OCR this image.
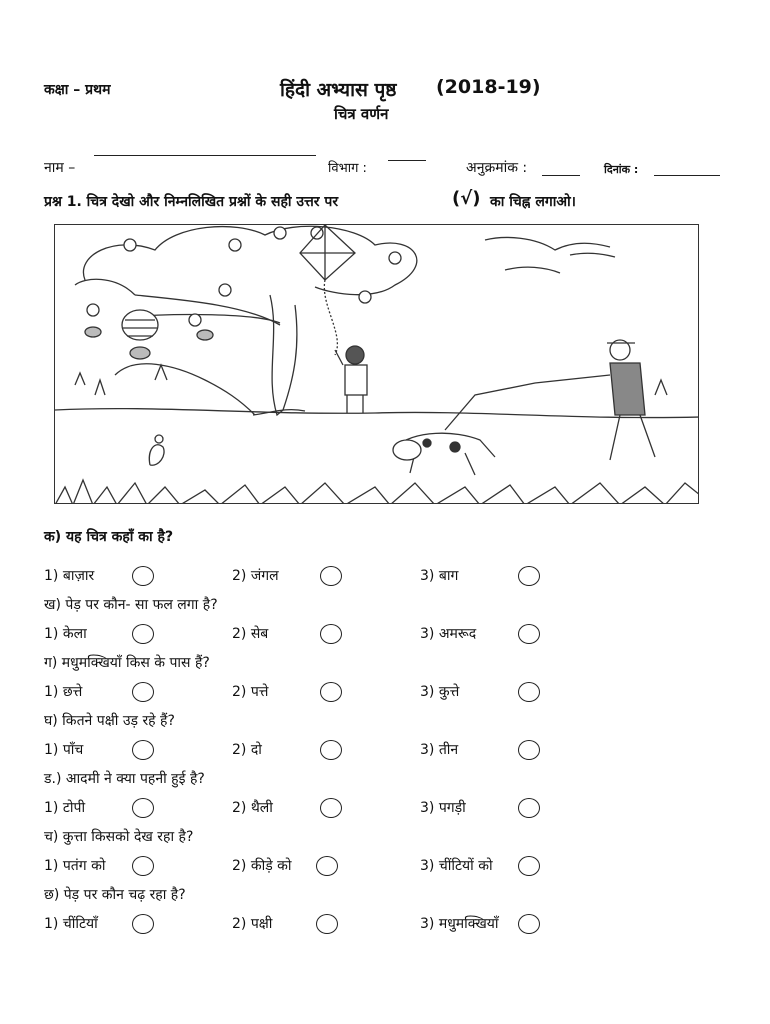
कक्षा – प्रथम	हिंदी अभ्यास पृष्ठ (2018-19)
चित्र वर्णन
नाम –	विभाग :	अनुक्रमांक :	दिनांक :
प्रश्न 1. चित्र देखो और निम्नलिखित प्रश्नों के सही उत्तर पर	(√) का चिह्न लगाओ।
क) यह चित्र कहाँ का है?
1) बाज़ार	2) जंगल	3) बाग
ख) पेड़ पर कौन- सा फल लगा है?
1) केला	2) सेब	3) अमरूद
ग) मधुमक्खियाँ किस के पास हैं?
1) छत्ते	2) पत्ते	3) कुत्ते
घ) कितने पक्षी उड़ रहे हैं?
1) पाँच	2) दो	3) तीन
ड.) आदमी ने क्या पहनी हुई है?
1) टोपी	2) थैली	3) पगड़ी
च) कुत्ता किसको देख रहा है?
1) पतंग को	2) कीड़े को	3) चींटियों को
छ) पेड़ पर कौन चढ़ रहा है?
1) चींटियाँ	2) पक्षी	3) मधुमक्खियाँ
